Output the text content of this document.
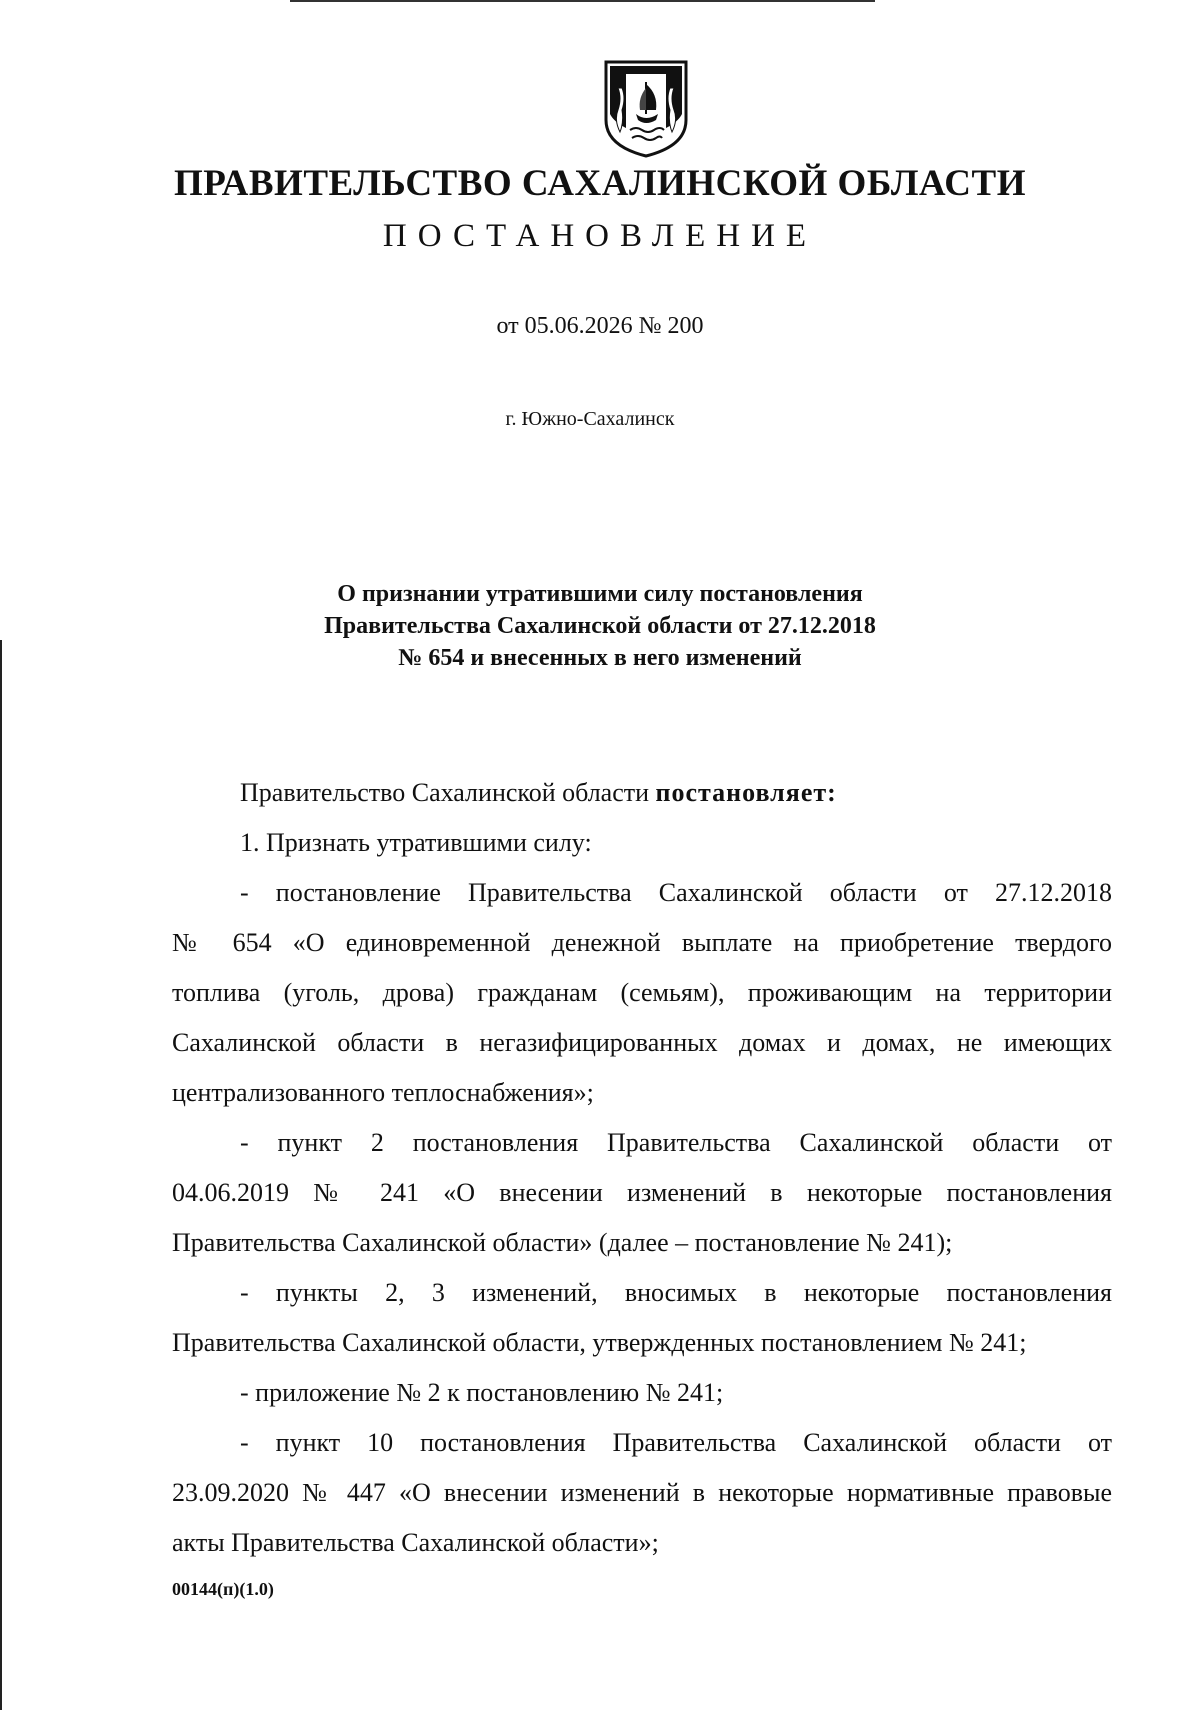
ПРАВИТЕЛЬСТВО САХАЛИНСКОЙ ОБЛАСТИ
ПОСТАНОВЛЕНИЕ
от 05.06.2026 № 200
г. Южно-Сахалинск
О признании утратившими силу постановления
Правительства Сахалинской области от 27.12.2018
№ 654 и внесенных в него изменений
Правительство Сахалинской области постановляет:
1. Признать утратившими силу:
- постановление Правительства Сахалинской области от 27.12.2018
№ 654 «О единовременной денежной выплате на приобретение твердого
топлива (уголь, дрова) гражданам (семьям), проживающим на территории
Сахалинской области в негазифицированных домах и домах, не имеющих
централизованного теплоснабжения»;
- пункт 2 постановления Правительства Сахалинской области от
04.06.2019 № 241 «О внесении изменений в некоторые постановления
Правительства Сахалинской области» (далее – постановление № 241);
- пункты 2, 3 изменений, вносимых в некоторые постановления
Правительства Сахалинской области, утвержденных постановлением № 241;
- приложение № 2 к постановлению № 241;
- пункт 10 постановления Правительства Сахалинской области от
23.09.2020 № 447 «О внесении изменений в некоторые нормативные правовые
акты Правительства Сахалинской области»;
00144(п)(1.0)
